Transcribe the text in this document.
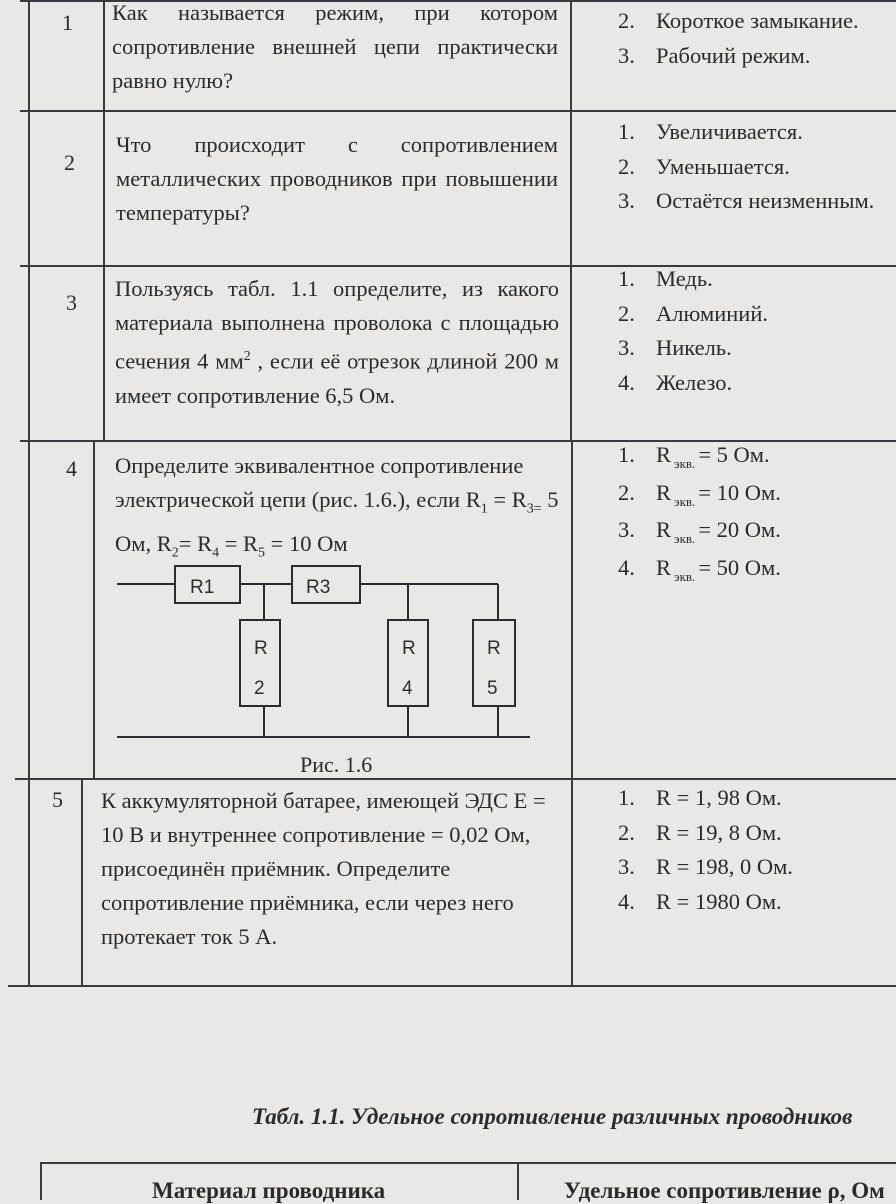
1 Как называется режим, при котором сопротивление внешней цепи практически равно нулю?
2. Короткое замыкание.
3. Рабочий режим.
2
Что происходит с сопротивлением металлических проводников при повышении температуры?
1. Увеличивается.
2. Уменьшается.
3. Остаётся неизменным.
3
Пользуясь табл. 1.1 определите, из какого материала выполнена проволока с площадью сечения 4 $мм^2$ , если её отрезок длиной 200 м имеет сопротивление 6,5 Ом.
1. Медь.
2. Алюминий.
3. Никель.
4. Железо.
4 Определите эквивалентное сопротивление

электрической цепи (рис. 1.6.), если $R_1 = R_{3=}$ 5

Ом, $R_2= R_4 = R_5 = 10$ Ом

1. R $_{экв.}$ = 5 Ом.
2. R $_{экв.}$ = 10 Ом.
3. R $_{экв.}$ = 20 Ом.
4. R $_{экв.}$ = 50 Ом.
R1	R3
R
2
R
4
R
5
Рис. 1.6
5 К аккумуляторной батарее, имеющей ЭДС Е =

10 В и внутреннее сопротивление = 0,02 Ом,

присоединён приёмник. Определите

сопротивление приёмника, если через него

протекает ток 5 А.

1. R = 1, 98 Ом.
2. R = 19, 8 Ом.
3. R = 198, 0 Ом.
4. R = 1980 Ом.
Табл. 1.1. Удельное сопротивление различных проводников
Материал проводника	Удельное сопротивление ρ, Ом
